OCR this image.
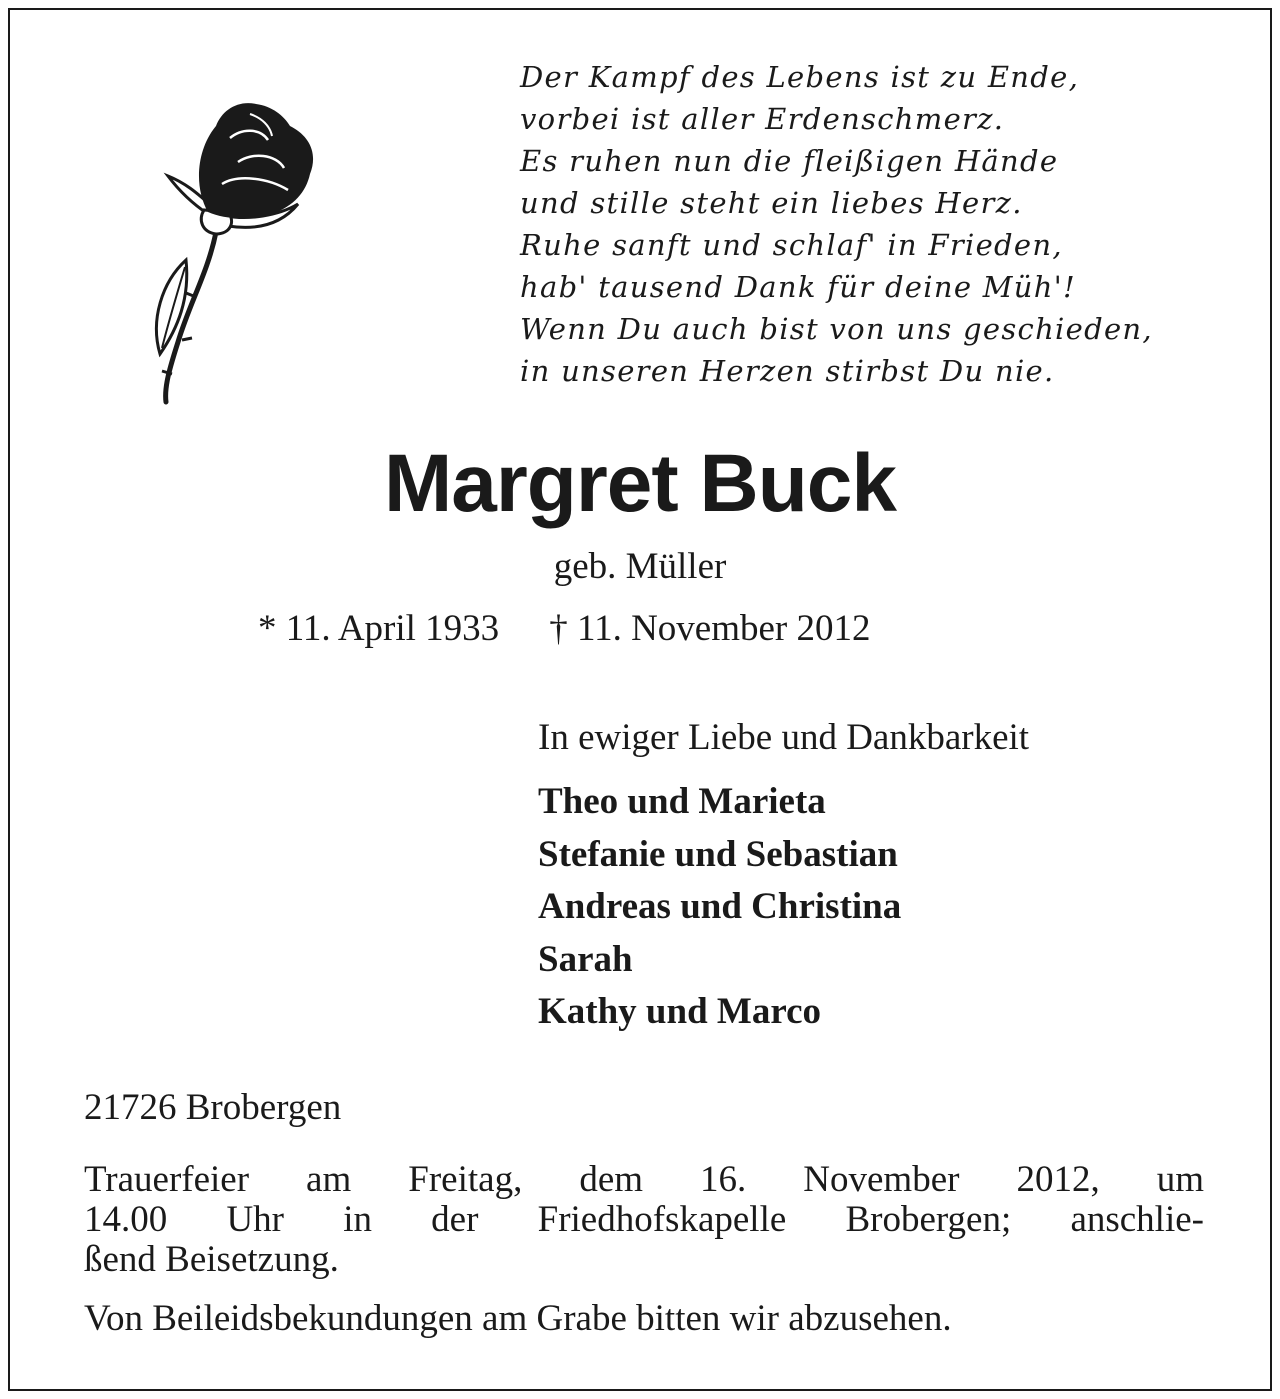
Der Kampf des Lebens ist zu Ende,
vorbei ist aller Erdenschmerz.
Es ruhen nun die fleißigen Hände
und stille steht ein liebes Herz.
Ruhe sanft und schlaf' in Frieden,
hab' tausend Dank für deine Müh'!
Wenn Du auch bist von uns geschieden,
in unseren Herzen stirbst Du nie.
Margret Buck
geb. Müller
* 11. April 1933 † 11. November 2012
In ewiger Liebe und Dankbarkeit
Theo und Marieta
Stefanie und Sebastian
Andreas und Christina
Sarah
Kathy und Marco
21726 Brobergen

Trauerfeier am Freitag, dem 16. November 2012, um
14.00 Uhr in der Friedhofskapelle Brobergen; anschlie-
ßend Beisetzung.

Von Beileidsbekundungen am Grabe bitten wir abzusehen.
